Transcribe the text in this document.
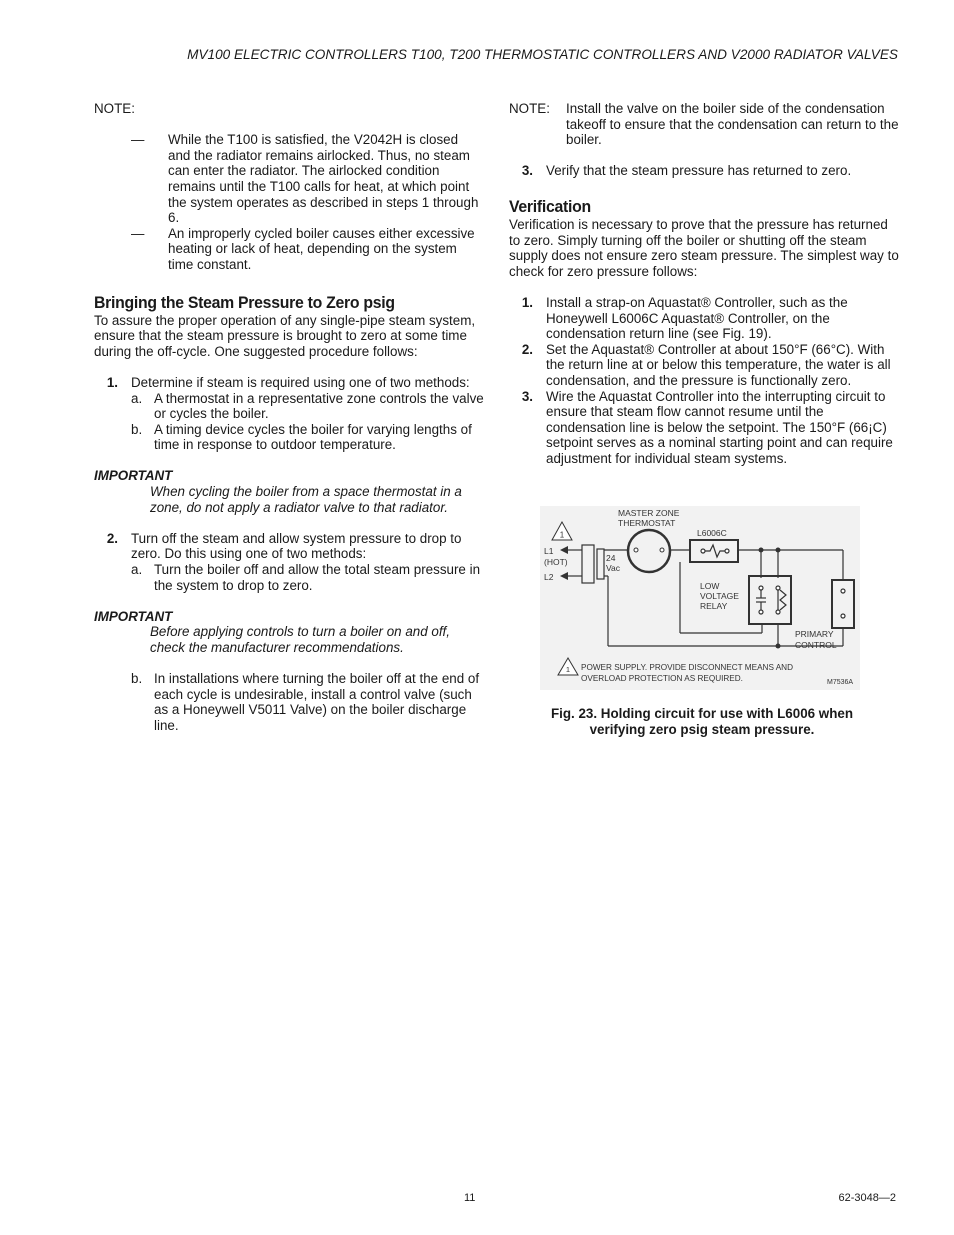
MV100 ELECTRIC CONTROLLERS T100, T200 THERMOSTATIC CONTROLLERS AND V2000 RADIATOR VALVES

NOTE:

—	While the T100 is satisfied, the V2042H is closed and the radiator remains airlocked. Thus, no steam can enter the radiator. The airlocked condition remains until the T100 calls for heat, at which point the system operates as described in steps 1 through 6.
—	An improperly cycled boiler causes either excessive heating or lack of heat, depending on the system time constant.
Bringing the Steam Pressure to Zero psig

To assure the proper operation of any single-pipe steam system, ensure that the steam pressure is brought to zero at some time during the off-cycle. One suggested procedure follows:

1. Determine if steam is required using one of two methods:
a. A thermostat in a representative zone controls the valve or cycles the boiler.
b. A timing device cycles the boiler for varying lengths of time in response to outdoor temperature.

IMPORTANT

When cycling the boiler from a space thermostat in a zone, do not apply a radiator valve to that radiator.

2. Turn off the steam and allow system pressure to drop to zero. Do this using one of two methods:
a. Turn the boiler off and allow the total steam pressure in the system to drop to zero.

IMPORTANT

Before applying controls to turn a boiler on and off, check the manufacturer recommendations.

b. In installations where turning the boiler off at the end of each cycle is undesirable, install a control valve (such as a Honeywell V5011 Valve) on the boiler discharge line.
NOTE:	Install the valve on the boiler side of the condensation takeoff to ensure that the condensation can return to the boiler.
3. Verify that the steam pressure has returned to zero.
Verification

Verification is necessary to prove that the pressure has returned to zero. Simply turning off the boiler or shutting off the steam supply does not ensure zero steam pressure. The simplest way to check for zero pressure follows:

1. Install a strap-on Aquastat® Controller, such as the Honeywell L6006C Aquastat® Controller, on the condensation return line (see Fig. 19).
2. Set the Aquastat® Controller at about 150°F (66°C). With the return line at or below this temperature, the water is all condensation, and the pressure is functionally zero.
3. Wire the Aquastat Controller into the interrupting circuit to ensure that steam flow cannot resume until the condensation line is below the setpoint. The 150°F (66¡C) setpoint serves as a nominal starting point and can require adjustment for individual steam systems.
1
L1
(HOT)
L2
24
Vac
MASTER ZONE
THERMOSTAT
L6006C
LOW
VOLTAGE
RELAY
PRIMARY
CONTROL
1 POWER SUPPLY. PROVIDE DISCONNECT MEANS AND
OVERLOAD PROTECTION AS REQUIRED.	M7536A
Fig. 23. Holding circuit for use with L6006 when verifying zero psig steam pressure.
11	62-3048—2
